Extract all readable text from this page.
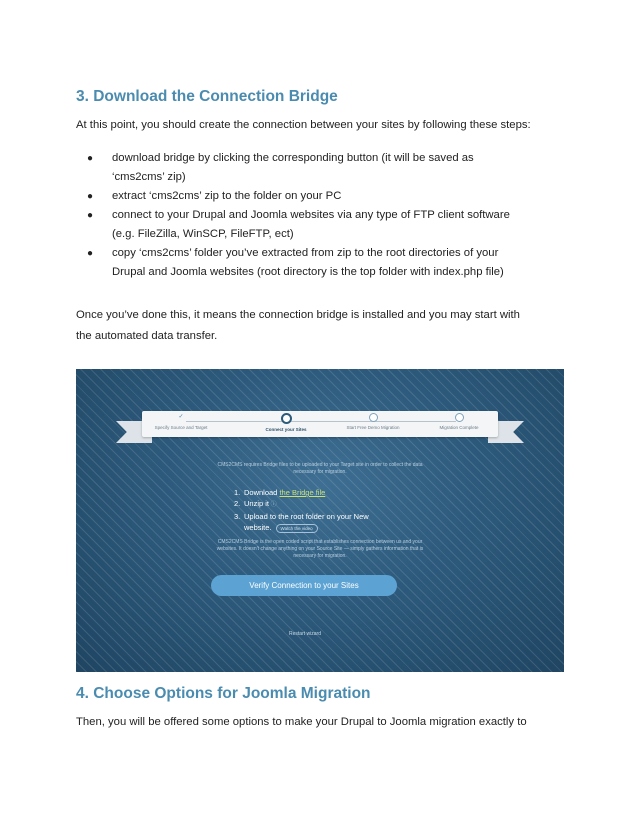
3. Download the Connection Bridge
At this point, you should create the connection between your sites by following these steps:
● download bridge by clicking the corresponding button (it will be saved as
‘cms2cms’ zip)
● extract ‘cms2cms’ zip to the folder on your PC
● connect to your Drupal and Joomla websites via any type of FTP client software
(e.g. FileZilla, WinSCP, FileFTP, ect)
● copy ‘cms2cms’ folder you’ve extracted from zip to the root directories of your
Drupal and Joomla websites (root directory is the top folder with index.php file)
Once you’ve done this, it means the connection bridge is installed and you may start with
the automated data transfer.
✓
Specify Source and Target	Connect your Sites	Start Free Demo Migration	Migration Complete
CMS2CMS requires Bridge files to be uploaded to your Target site in order to collect the data necessary for migration.
1. Download the Bridge file
2. Unzip it ⓘ
3. Upload to the root folder on your New
website. Watch the video
CMS2CMS Bridge is the open coded script that establishes connection between us and your websites. It doesn't change anything on your Source Site — simply gathers information that is necessary for migration.
Verify Connection to your Sites
Restart wizard
4. Choose Options for Joomla Migration
Then, you will be offered some options to make your Drupal to Joomla migration exactly to
